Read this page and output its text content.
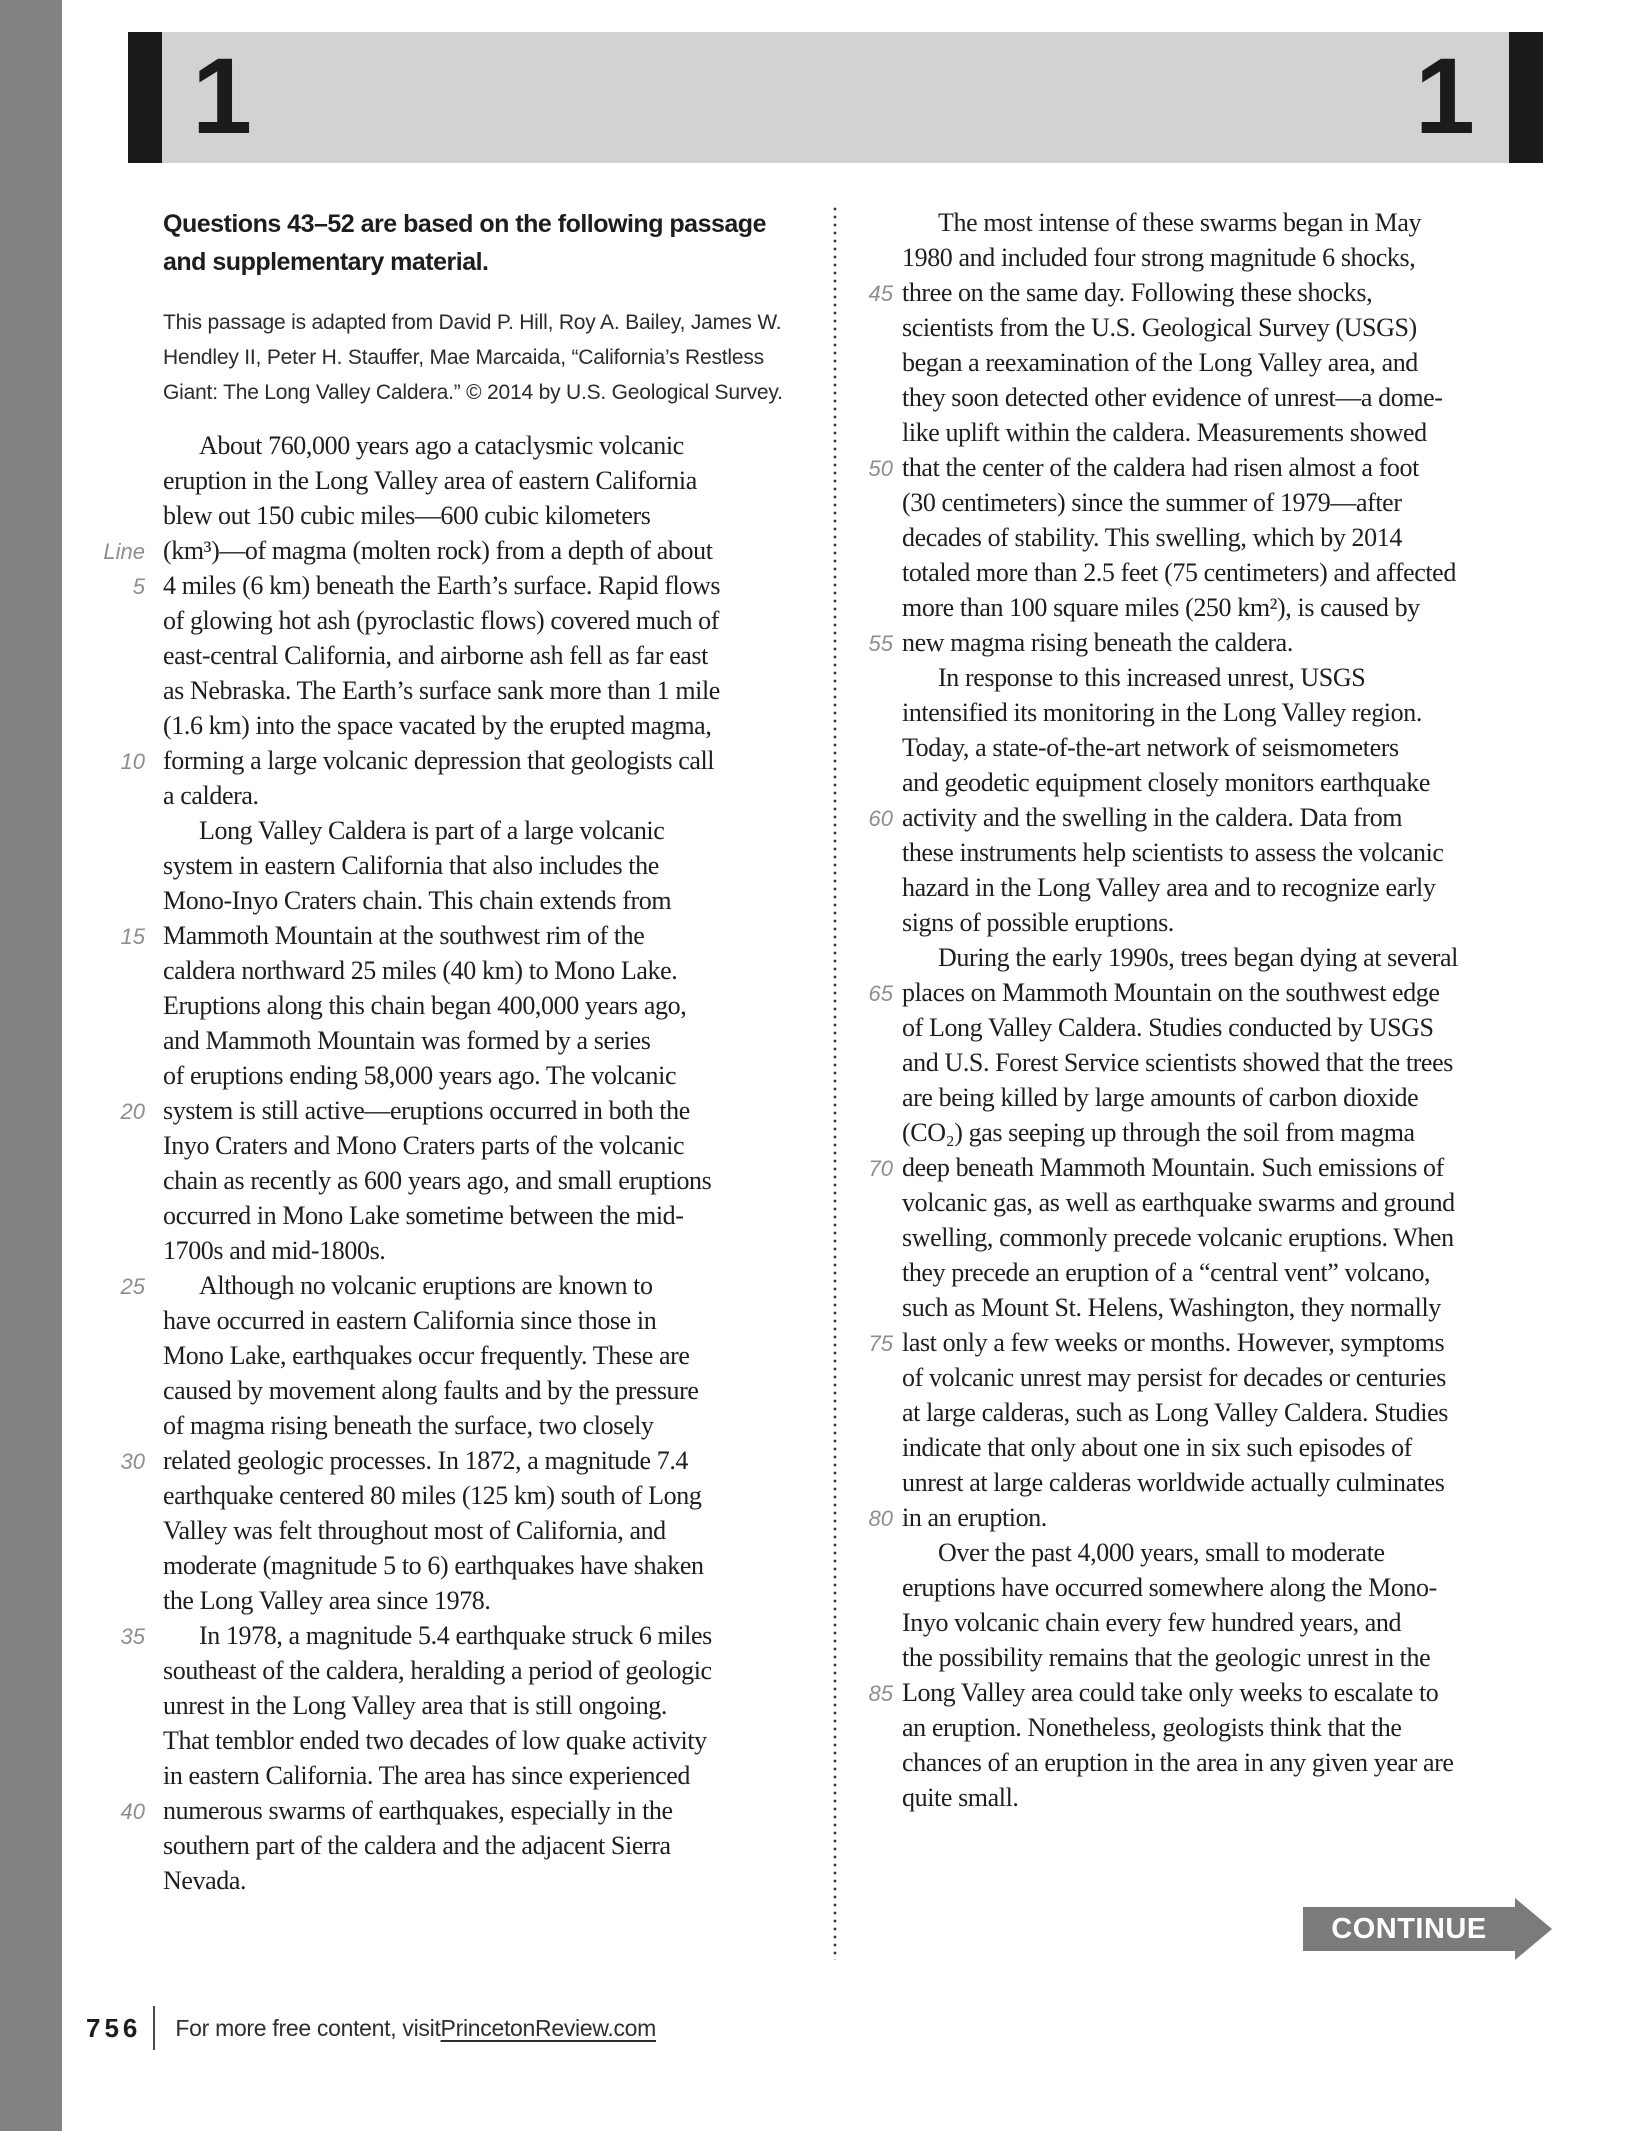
1	1
Questions 43–52 are based on the following passage and supplementary material.
This passage is adapted from David P. Hill, Roy A. Bailey, James W. Hendley II, Peter H. Stauffer, Mae Marcaida, “California’s Restless Giant: The Long Valley Caldera.” © 2014 by U.S. Geological Survey.
About 760,000 years ago a cataclysmic volcanic
eruption in the Long Valley area of eastern California
blew out 150 cubic miles—600 cubic kilometers
Line (km³)—of magma (molten rock) from a depth of about
5 4 miles (6 km) beneath the Earth’s surface. Rapid flows
of glowing hot ash (pyroclastic flows) covered much of
east-central California, and airborne ash fell as far east
as Nebraska. The Earth’s surface sank more than 1 mile
(1.6 km) into the space vacated by the erupted magma,
10 forming a large volcanic depression that geologists call
a caldera.
Long Valley Caldera is part of a large volcanic
system in eastern California that also includes the
Mono-Inyo Craters chain. This chain extends from
15 Mammoth Mountain at the southwest rim of the
caldera northward 25 miles (40 km) to Mono Lake.
Eruptions along this chain began 400,000 years ago,
and Mammoth Mountain was formed by a series
of eruptions ending 58,000 years ago. The volcanic
20 system is still active—eruptions occurred in both the
Inyo Craters and Mono Craters parts of the volcanic
chain as recently as 600 years ago, and small eruptions
occurred in Mono Lake sometime between the mid-
1700s and mid-1800s.
25	Although no volcanic eruptions are known to
have occurred in eastern California since those in
Mono Lake, earthquakes occur frequently. These are
caused by movement along faults and by the pressure
of magma rising beneath the surface, two closely
30 related geologic processes. In 1872, a magnitude 7.4
earthquake centered 80 miles (125 km) south of Long
Valley was felt throughout most of California, and
moderate (magnitude 5 to 6) earthquakes have shaken
the Long Valley area since 1978.
35	In 1978, a magnitude 5.4 earthquake struck 6 miles
southeast of the caldera, heralding a period of geologic
unrest in the Long Valley area that is still ongoing.
That temblor ended two decades of low quake activity
in eastern California. The area has since experienced
40 numerous swarms of earthquakes, especially in the
southern part of the caldera and the adjacent Sierra
Nevada.
The most intense of these swarms began in May
1980 and included four strong magnitude 6 shocks,
45 three on the same day. Following these shocks,
scientists from the U.S. Geological Survey (USGS)
began a reexamination of the Long Valley area, and
they soon detected other evidence of unrest—a dome-
like uplift within the caldera. Measurements showed
50 that the center of the caldera had risen almost a foot
(30 centimeters) since the summer of 1979—after
decades of stability. This swelling, which by 2014
totaled more than 2.5 feet (75 centimeters) and affected
more than 100 square miles (250 km²), is caused by
55 new magma rising beneath the caldera.
In response to this increased unrest, USGS
intensified its monitoring in the Long Valley region.
Today, a state-of-the-art network of seismometers
and geodetic equipment closely monitors earthquake
60 activity and the swelling in the caldera. Data from
these instruments help scientists to assess the volcanic
hazard in the Long Valley area and to recognize early
signs of possible eruptions.
During the early 1990s, trees began dying at several
65 places on Mammoth Mountain on the southwest edge
of Long Valley Caldera. Studies conducted by USGS
and U.S. Forest Service scientists showed that the trees
are being killed by large amounts of carbon dioxide
(CO₂) gas seeping up through the soil from magma
70 deep beneath Mammoth Mountain. Such emissions of
volcanic gas, as well as earthquake swarms and ground
swelling, commonly precede volcanic eruptions. When
they precede an eruption of a “central vent” volcano,
such as Mount St. Helens, Washington, they normally
75 last only a few weeks or months. However, symptoms
of volcanic unrest may persist for decades or centuries
at large calderas, such as Long Valley Caldera. Studies
indicate that only about one in six such episodes of
unrest at large calderas worldwide actually culminates
80 in an eruption.
Over the past 4,000 years, small to moderate
eruptions have occurred somewhere along the Mono-
Inyo volcanic chain every few hundred years, and
the possibility remains that the geologic unrest in the
85 Long Valley area could take only weeks to escalate to
an eruption. Nonetheless, geologists think that the
chances of an eruption in the area in any given year are
quite small.
CONTINUE
756 For more free content, visit PrincetonReview.com
